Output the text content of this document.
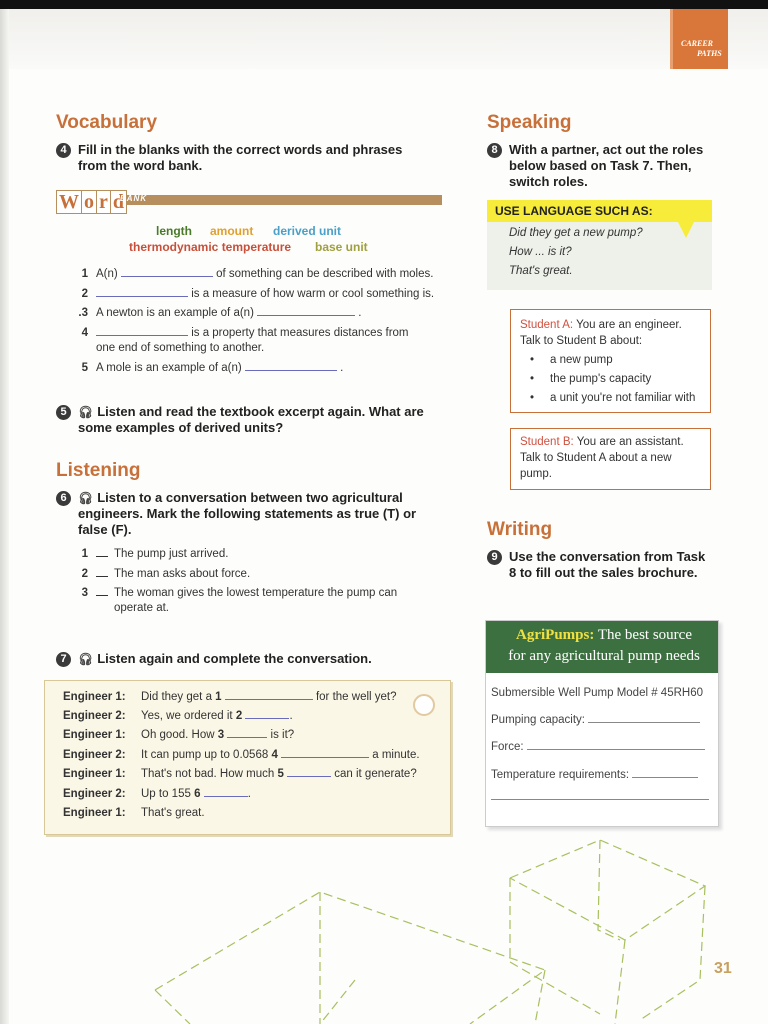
CAREER
PATHS
Vocabulary
4 Fill in the blanks with the correct words and phrases from the word bank.
W o r d
BANK
length amount derived unit
thermodynamic temperature base unit
1 A(n)	of something can be described with moles.
2	is a measure of how warm or cool something is.
.3 A newton is an example of a(n)	.
4	is a property that measures distances from
one end of something to another.
5 A mole is an example of a(n)	.
5 🎧︎ Listen and read the textbook excerpt again. What are some examples of derived units?
Listening
6 🎧︎ Listen to a conversation between two agricultural engineers. Mark the following statements as true (T) or false (F).
1 The pump just arrived.
2 The man asks about force.
3 The woman gives the lowest temperature the pump can
operate at.
7 🎧︎ Listen again and complete the conversation.
Engineer 1: Did they get a 1	for the well yet?
Engineer 2: Yes, we ordered it 2	.
Engineer 1: Oh good. How 3	is it?
Engineer 2: It can pump up to 0.0568 4	a minute.
Engineer 1: That's not bad. How much 5	can it generate?
Engineer 2: Up to 155 6	.
Engineer 1: That's great.
Speaking
8 With a partner, act out the roles below based on Task 7. Then, switch roles.
USE LANGUAGE SUCH AS:
Did they get a new pump?
How ... is it?
That's great.
Student A: You are an engineer. Talk to Student B about:
• a new pump
• the pump's capacity
• a unit you're not familiar with
Student B: You are an assistant. Talk to Student A about a new pump.
Writing
9 Use the conversation from Task 8 to fill out the sales brochure.
AgriPumps: The best source
for any agricultural pump needs
Submersible Well Pump Model # 45RH60
Pumping capacity:
Force:
Temperature requirements:
31
